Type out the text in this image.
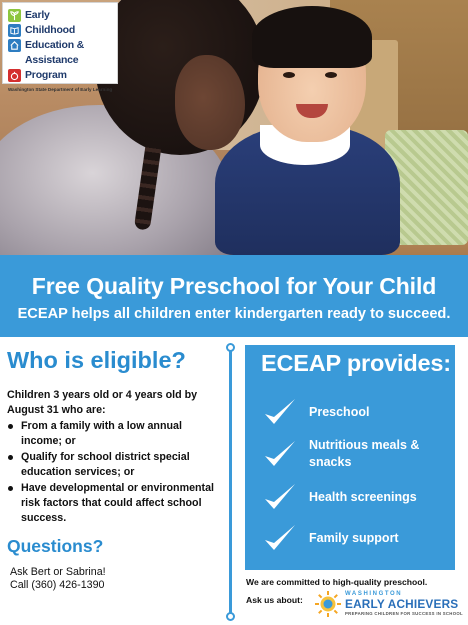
Early
Childhood
Education &
Assistance
Program
Washington State Department of Early Learning
Free Quality Preschool for Your Child
ECEAP helps all children enter kindergarten ready to succeed.
Who is eligible?
Children 3 years old or 4 years old by August 31 who are:
From a family with a low annual income; or
Qualify for school district special education services; or
Have developmental or environmental risk factors that could affect school success.
Questions?
Ask Bert or Sabrina!
Call (360) 426-1390
ECEAP provides:
Preschool
Nutritious meals & snacks
Health screenings
Family support
We are committed to high-quality preschool.
Ask us about:
WASHINGTON
EARLY ACHIEVERS
PREPARING CHILDREN FOR SUCCESS IN SCHOOL
